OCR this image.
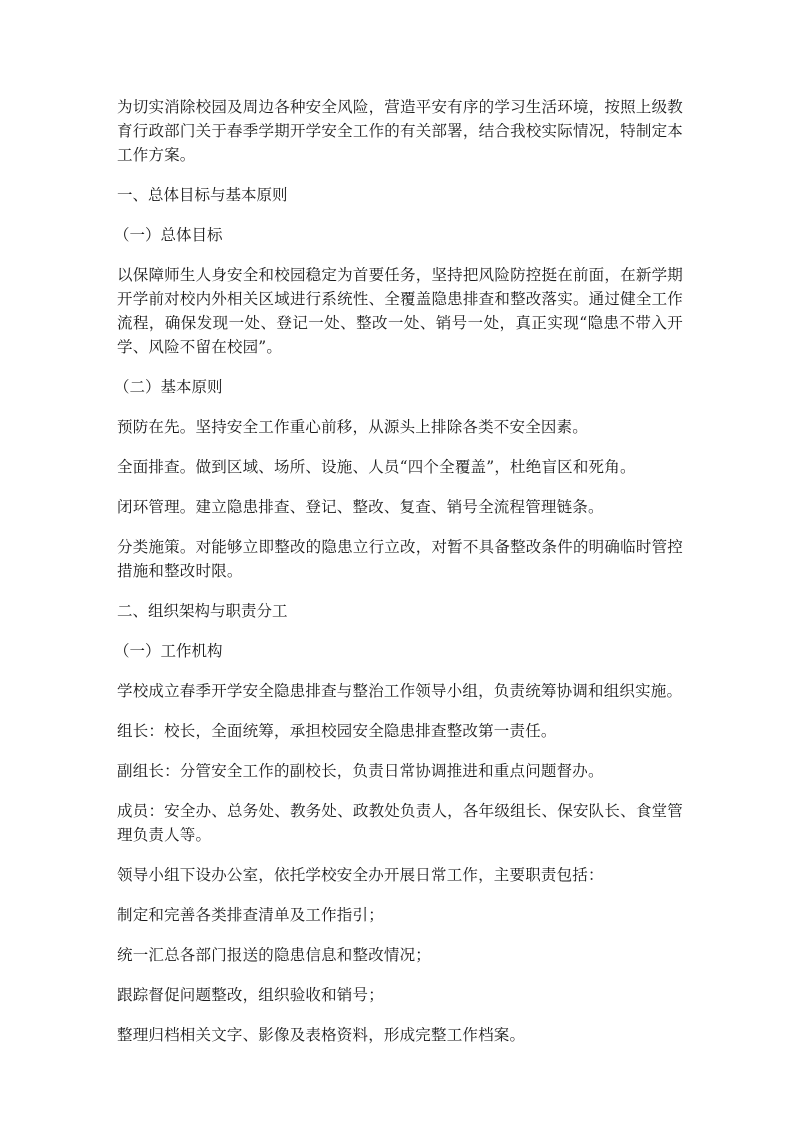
为切实消除校园及周边各种安全风险，营造平安有序的学习生活环境，按照上级教育行政部门关于春季学期开学安全工作的有关部署，结合我校实际情况，特制定本工作方案。

一、总体目标与基本原则

（一）总体目标

以保障师生人身安全和校园稳定为首要任务，坚持把风险防控挺在前面，在新学期开学前对校内外相关区域进行系统性、全覆盖隐患排查和整改落实。通过健全工作流程，确保发现一处、登记一处、整改一处、销号一处，真正实现“隐患不带入开学、风险不留在校园”。

（二）基本原则

预防在先。坚持安全工作重心前移，从源头上排除各类不安全因素。

全面排查。做到区域、场所、设施、人员“四个全覆盖”，杜绝盲区和死角。

闭环管理。建立隐患排查、登记、整改、复查、销号全流程管理链条。

分类施策。对能够立即整改的隐患立行立改，对暂不具备整改条件的明确临时管控措施和整改时限。

二、组织架构与职责分工

（一）工作机构

学校成立春季开学安全隐患排查与整治工作领导小组，负责统筹协调和组织实施。

组长：校长，全面统筹，承担校园安全隐患排查整改第一责任。

副组长：分管安全工作的副校长，负责日常协调推进和重点问题督办。

成员：安全办、总务处、教务处、政教处负责人，各年级组长、保安队长、食堂管理负责人等。

领导小组下设办公室，依托学校安全办开展日常工作，主要职责包括：

制定和完善各类排查清单及工作指引；

统一汇总各部门报送的隐患信息和整改情况；

跟踪督促问题整改，组织验收和销号；

整理归档相关文字、影像及表格资料，形成完整工作档案。
